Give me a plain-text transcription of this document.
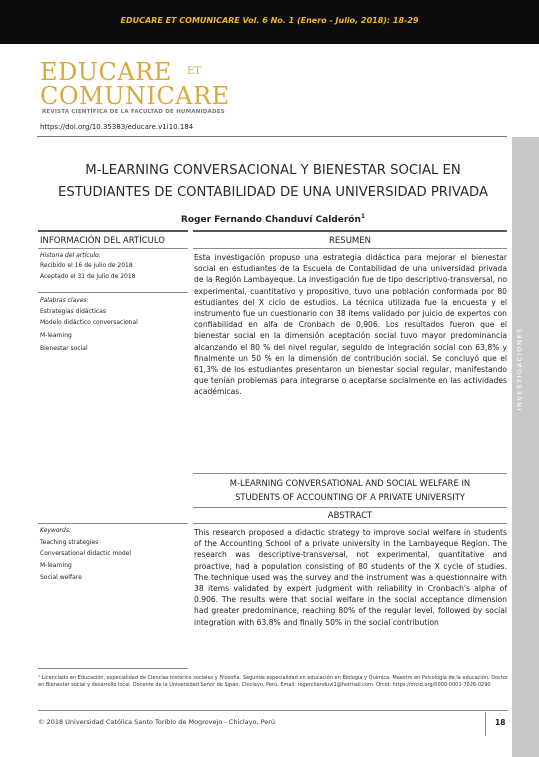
EDUCARE ET COMUNICARE Vol. 6 No. 1 (Enero - Julio, 2018): 18-29
EDUCARE ET
COMUNICARE
REVISTA CIENTÍFICA DE LA FACULTAD DE HUMANIDADES
https://doi.org/10.35383/educare.v1i10.184
INVESTIGACIONES
M-LEARNING CONVERSACIONAL Y BIENESTAR SOCIAL EN
ESTUDIANTES DE CONTABILIDAD DE UNA UNIVERSIDAD PRIVADA
Roger Fernando Chanduví Calderón$^1$
INFORMACIÓN DEL ARTÍCULO	RESUMEN
Historia del artículo:
Recibido el 16 de julio de 2018
Aceptado el 31 de julio de 2018
Palabras claves:
Estrategias didácticas
Modelo didáctico conversacional
M-learning
Bienestar social
Esta investigación propuso una estrategia didáctica para mejorar el bienestar social en estudiantes de la Escuela de Contabilidad de una universidad privada de la Región Lambayeque. La investigación fue de tipo descriptivo-transversal, no experimental, cuantitativo y propositivo, tuvo una población conformada por 80 estudiantes del X ciclo de estudios. La técnica utilizada fue la encuesta y el instrumento fue un cuestionario con 38 ítems validado por juicio de expertos con confiabilidad en alfa de Cronbach de 0,906. Los resultados fueron que el bienestar social en la dimensión aceptación social tuvo mayor predominancia alcanzando el 80 % del nivel regular, seguido de integración social con 63,8% y finalmente un 50 % en la dimensión de contribución social. Se concluyó que el 61,3% de los estudiantes presentaron un bienestar social regular, manifestando que tenían problemas para integrarse o aceptarse socialmente en las actividades académicas.
M-LEARNING CONVERSATIONAL AND SOCIAL WELFARE IN
STUDENTS OF ACCOUNTING OF A PRIVATE UNIVERSITY
ABSTRACT
Keywords:
Teaching strategies
Conversational didactic model
M-learning
Social welfare
This research proposed a didactic strategy to improve social welfare in students of the Accounting School of a private university in the Lambayeque Region. The research was descriptive-transversal, not experimental, quantitative and proactive, had a population consisting of 80 students of the X cycle of studies. The technique used was the survey and the instrument was a questionnaire with 38 items validated by expert judgment with reliability in Cronbach's alpha of 0.906. The results were that social welfare in the social acceptance dimension had greater predominance, reaching 80% of the regular level, followed by social integration with 63.8% and finally 50% in the social contribution
¹ Licenciado en Educación, especialidad de Ciencias histórico sociales y Filosofía. Segunda especialidad en educación en Biología y Química. Maestro en Psicología de la educación. Doctor en Bienestar social y desarrollo local. Docente de la Universidad Señor de Sipán, Chiclayo, Perú. Email: rogerchanduvi1@hotmail.com. Orcid: https://orcid.org/0000-0001-7026-0290
© 2018 Universidad Católica Santo Toribio de Mogrovejo - Chiclayo, Perú	18
